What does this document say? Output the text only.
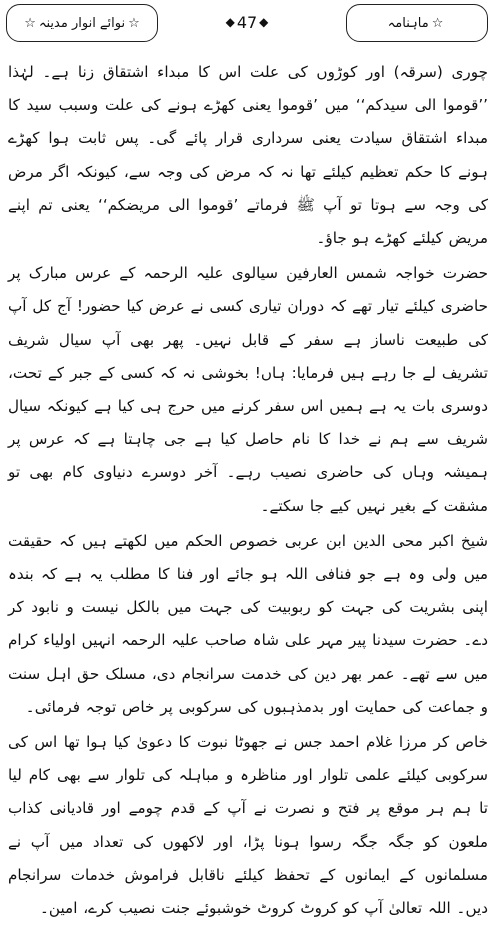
☆
ماہنامہ
◆ 47 ◆
☆
نوائے انوار مدینہ
☆

چوری (سرقہ) اور کوڑوں کی علت اس کا مبداء اشتقاق زنا ہے۔ لہٰذا ’’قوموا الی سیدکم‘‘ میں ’قوموا یعنی کھڑے ہونے کی علت وسبب سید کا مبداء اشتقاق سیادت یعنی سرداری قرار پائے گی۔ پس ثابت ہوا کھڑے ہونے کا حکم تعظیم کیلئے تھا نہ کہ مرض کی وجہ سے، کیونکہ اگر مرض کی وجہ سے ہوتا تو آپ ﷺ فرماتے ’قوموا الی مریضکم‘‘ یعنی تم اپنے مریض کیلئے کھڑے ہو جاؤ۔

حضرت خواجہ شمس العارفین سیالوی علیہ الرحمہ کے عرس مبارک پر حاضری کیلئے تیار تھے کہ دوران تیاری کسی نے عرض کیا حضور! آج کل آپ کی طبیعت ناساز ہے سفر کے قابل نہیں۔ پھر بھی آپ سیال شریف تشریف لے جا رہے ہیں فرمایا: ہاں! بخوشی نہ کہ کسی کے جبر کے تحت، دوسری بات یہ ہے ہمیں اس سفر کرنے میں حرج ہی کیا ہے کیونکہ سیال شریف سے ہم نے خدا کا نام حاصل کیا ہے جی چاہتا ہے کہ عرس پر ہمیشہ وہاں کی حاضری نصیب رہے۔ آخر دوسرے دنیاوی کام بھی تو مشقت کے بغیر نہیں کیے جا سکتے۔

شیخ اکبر محی الدین ابن عربی خصوص الحکم میں لکھتے ہیں کہ حقیقت میں ولی وہ ہے جو فنافی اللہ ہو جائے اور فنا کا مطلب یہ ہے کہ بندہ اپنی بشریت کی جہت کو ربوبیت کی جہت میں بالکل نیست و نابود کر دے۔ حضرت سیدنا پیر مہر علی شاہ صاحب علیہ الرحمہ انہیں اولیاء کرام میں سے تھے۔ عمر بھر دین کی خدمت سرانجام دی، مسلک حق اہل سنت و جماعت کی حمایت اور بدمذہبوں کی سرکوبی پر خاص توجہ فرمائی۔

خاص کر مرزا غلام احمد جس نے جھوٹا نبوت کا دعویٰ کیا ہوا تھا اس کی سرکوبی کیلئے علمی تلوار اور مناظرہ و مباہلہ کی تلوار سے بھی کام لیا تا ہم ہر موقع پر فتح و نصرت نے آپ کے قدم چومے اور قادیانی کذاب ملعون کو جگہ جگہ رسوا ہونا پڑا، اور لاکھوں کی تعداد میں آپ نے مسلمانوں کے ایمانوں کے تحفظ کیلئے ناقابل فراموش خدمات سرانجام دیں۔ اللہ تعالیٰ آپ کو کروٹ کروٹ خوشبوئے جنت نصیب کرے، امین۔
